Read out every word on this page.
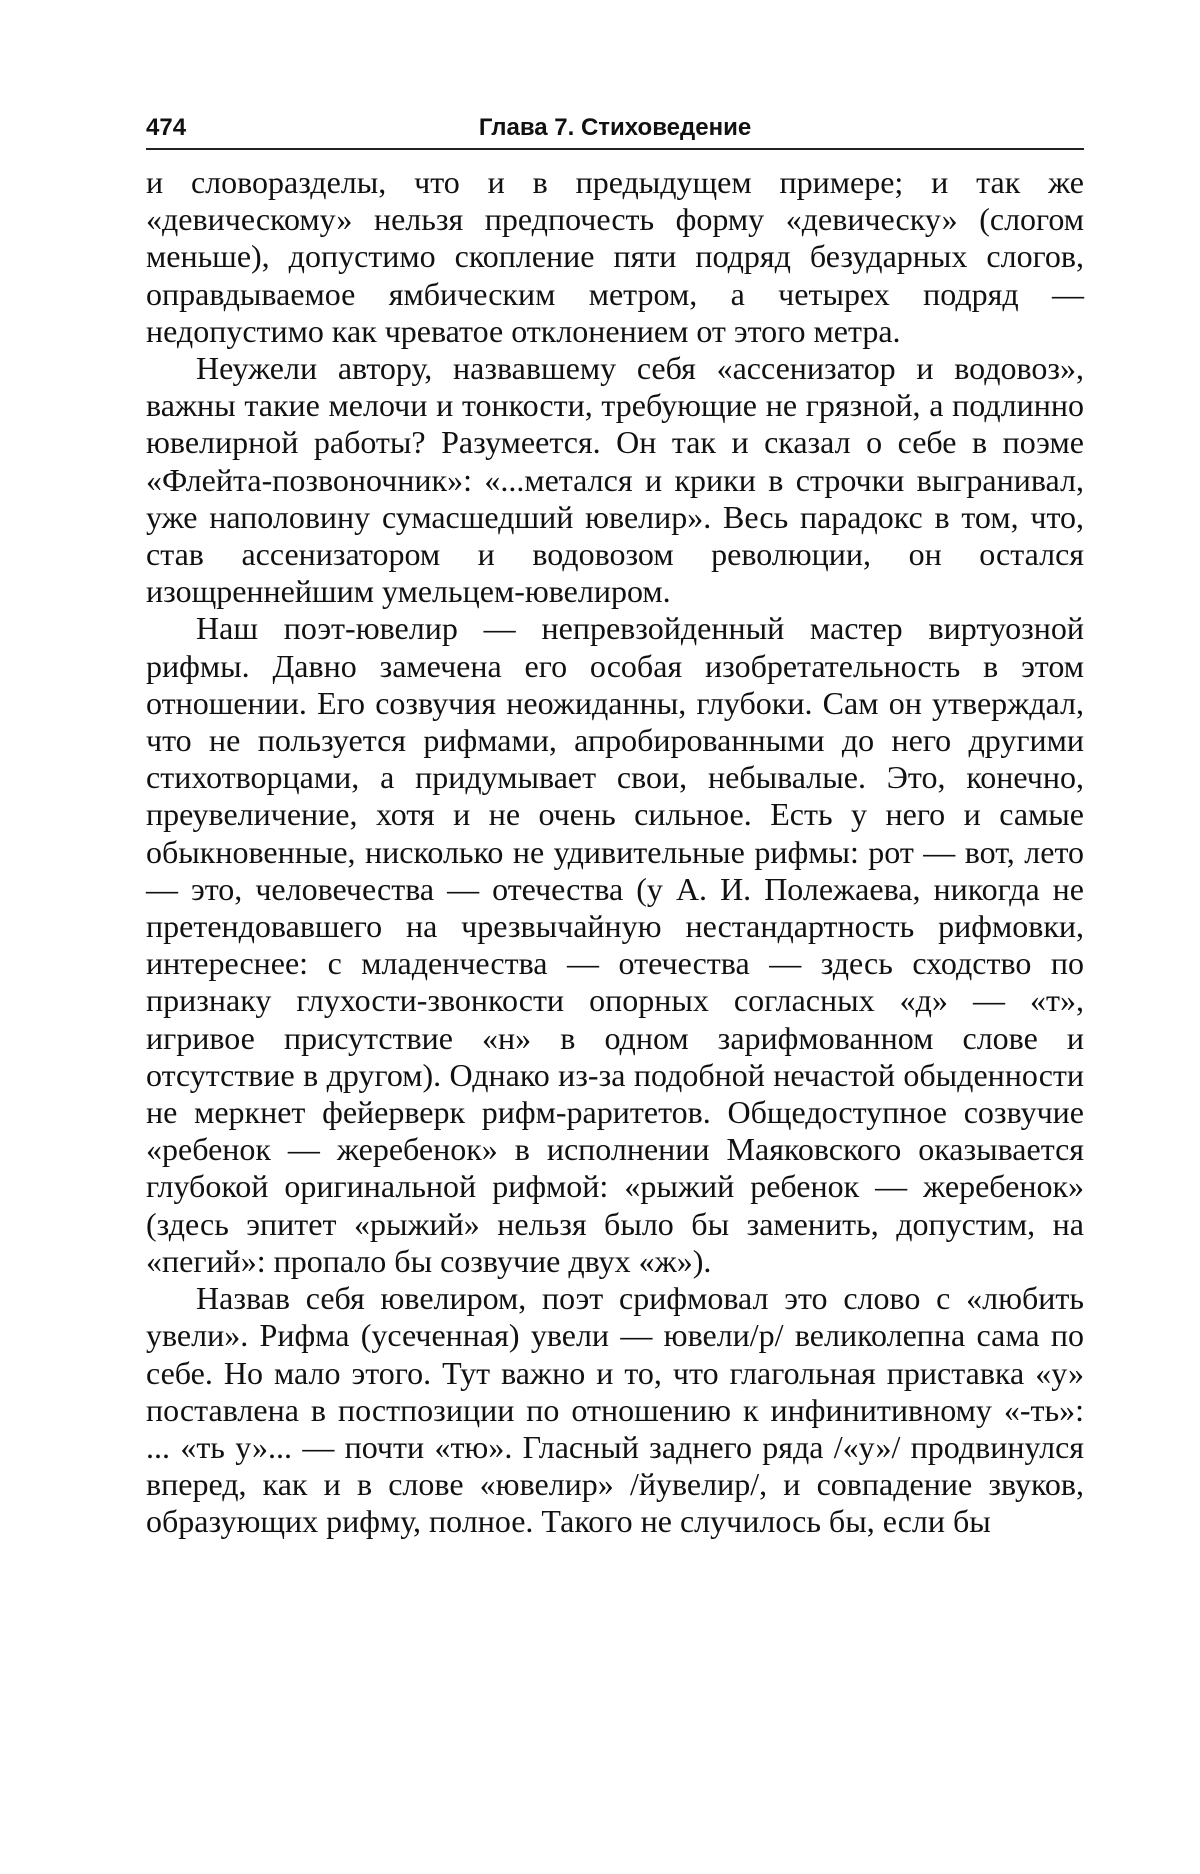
474	Глава 7. Стиховедение

и словоразделы, что и в предыдущем примере; и так же «девическому» нельзя предпочесть форму «девическу» (слогом меньше), допустимо скопление пяти подряд безударных слогов, оправдываемое ямбическим метром, а четырех подряд — недопустимо как чреватое отклонением от этого метра.

Неужели автору, назвавшему себя «ассенизатор и водовоз», важны такие мелочи и тонкости, требующие не грязной, а подлинно ювелирной работы? Разумеется. Он так и сказал о себе в поэме «Флейта-позвоночник»: «...метался и крики в строчки выгранивал, уже наполовину сумасшедший ювелир». Весь парадокс в том, что, став ассенизатором и водовозом революции, он остался изощреннейшим умельцем-ювелиром.

Наш поэт-ювелир — непревзойденный мастер виртуозной рифмы. Давно замечена его особая изобретательность в этом отношении. Его созвучия неожиданны, глубоки. Сам он утверждал, что не пользуется рифмами, апробированными до него другими стихотворцами, а придумывает свои, небывалые. Это, конечно, преувеличение, хотя и не очень сильное. Есть у него и самые обыкновенные, нисколько не удивительные рифмы: рот — вот, лето — это, человечества — отечества (у А. И. Полежаева, никогда не претендовавшего на чрезвычайную нестандартность рифмовки, интереснее: с младенчества — отечества — здесь сходство по признаку глухости-звонкости опорных согласных «д» — «т», игривое присутствие «н» в одном зарифмованном слове и отсутствие в другом). Однако из-за подобной нечастой обыденности не меркнет фейерверк рифм-раритетов. Общедоступное созвучие «ребенок — жеребенок» в исполнении Маяковского оказывается глубокой оригинальной рифмой: «рыжий ребенок — жеребенок» (здесь эпитет «рыжий» нельзя было бы заменить, допустим, на «пегий»: пропало бы созвучие двух «ж»).

Назвав себя ювелиром, поэт срифмовал это слово с «любить увели». Рифма (усеченная) увели — ювели/р/ великолепна сама по себе. Но мало этого. Тут важно и то, что глагольная приставка «у» поставлена в постпозиции по отношению к инфинитивному «-ть»: ... «ть у»... — почти «тю». Гласный заднего ряда /«у»/ продвинулся вперед, как и в слове «ювелир» /йувелир/, и совпадение звуков, образующих рифму, полное. Такого не случилось бы, если бы
